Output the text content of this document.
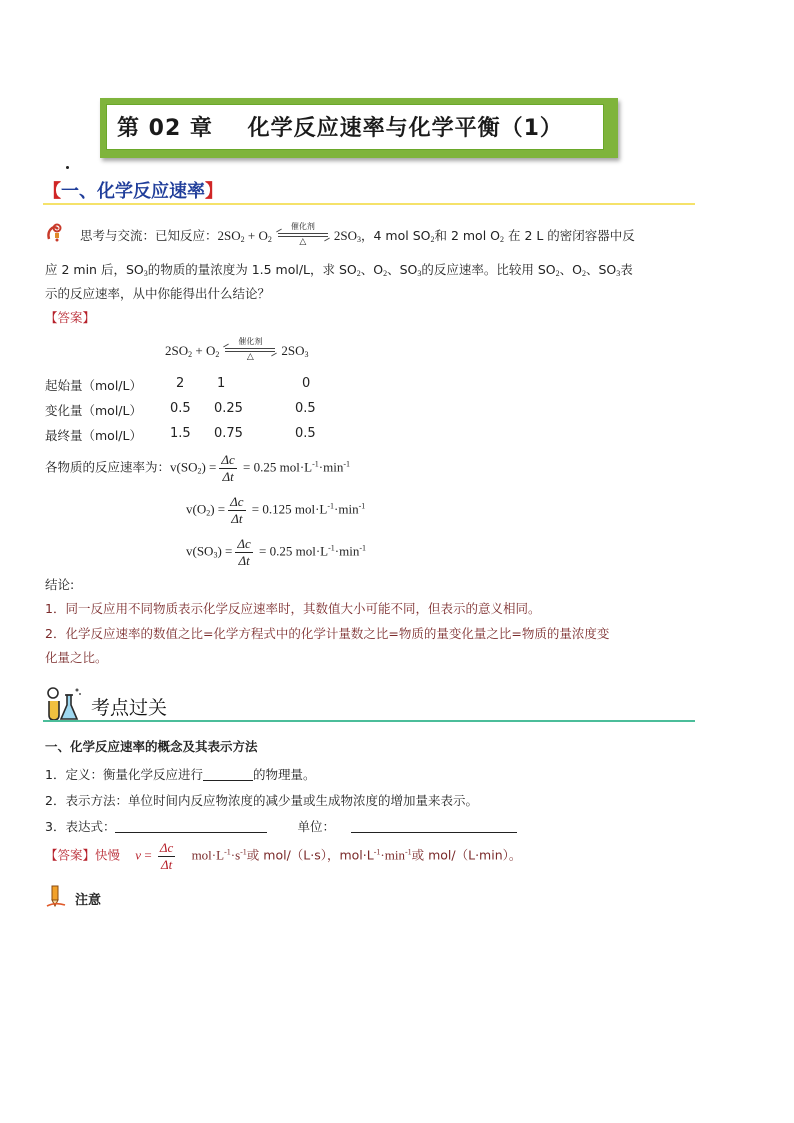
第 02 章    化学反应速率与化学平衡（1）
【一、化学反应速率】
思考与交流：已知反应：$2SO_2 + O_2$
催化剂
△	$2SO_3$，4 mol $SO_2$和 2 mol $O_2$ 在 2 L 的密闭容器中反
应 2 min 后，$SO_3$的物质的量浓度为 1.5 mol/L，求 $SO_2$、$O_2$、$SO_3$的反应速率。比较用 $SO_2$、$O_2$、$SO_3$表
示的反应速率，从中你能得出什么结论？
【答案】
$2SO_2 + O_2$
催化剂
△	$2SO_3$
起始量（mol/L）	2	1	0
变化量（mol/L） 0.5 0.25	0.5
最终量（mol/L） 1.5 0.75	0.5
各物质的反应速率为：$v(SO_2) = \frac{\Delta c}{\Delta t} = 0.25$ $mol\cdot L^{-1}\cdot\min^{-1}$
$v(O_2) = \frac{\Delta c}{\Delta t} = 0.125$ $mol\cdot L^{-1}\cdot\min^{-1}$
$v(SO_3) = \frac{\Delta c}{\Delta t} = 0.25$ $mol\cdot L^{-1}\cdot\min^{-1}$
结论:
1．同一反应用不同物质表示化学反应速率时，其数值大小可能不同，但表示的意义相同。
2．化学反应速率的数值之比=化学方程式中的化学计量数之比=物质的量变化量之比=物质的量浓度变
化量之比。
考点过关
一、化学反应速率的概念及其表示方法
1．定义：衡量化学反应进行	的物理量。
2．表示方法：单位时间内反应物浓度的减少量或生成物浓度的增加量来表示。
3．表达式：	单位：
【答案】快慢 $v = \frac{\Delta c}{\Delta t} mol\cdot L^{-1}\cdot s^{-1}$或 mol/（L·s），$mol\cdot L^{-1}\cdot\min^{-1}$或 mol/（L·min）。
注意
